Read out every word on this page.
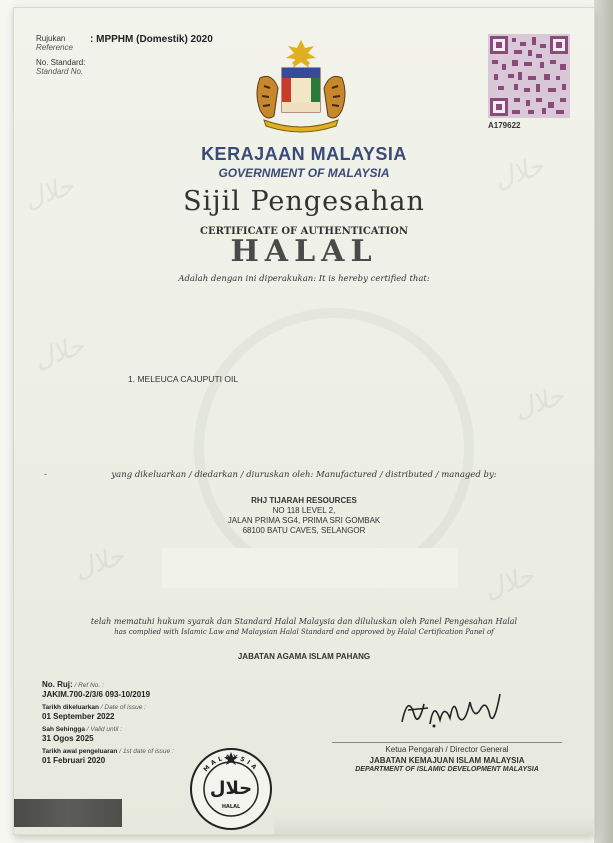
حلال	حلال
حلال
حلال
حلال	حلال
Rujukan
Reference
No. Standard:
Standard No.
: MPPHM (Domestik) 2020
A179622
KERAJAAN MALAYSIA
GOVERNMENT OF MALAYSIA
Sijil Pengesahan
CERTIFICATE OF AUTHENTICATION
HALAL
Adalah dengan ini diperakukan: It is hereby certified that:
1. MELEUCA CAJUPUTI OIL
-	yang dikeluarkan / diedarkan / diuruskan oleh: Manufactured / distributed / managed by:
RHJ TIJARAH RESOURCES
NO 118 LEVEL 2,
JALAN PRIMA SG4, PRIMA SRI GOMBAK
68100 BATU CAVES, SELANGOR
telah mematuhi hukum syarak dan Standard Halal Malaysia dan diluluskan oleh Panel Pengesahan Halal
has complied with Islamic Law and Malaysian Halal Standard and approved by Halal Certification Panel of
JABATAN AGAMA ISLAM PAHANG
No. Ruj: / Ref No. :
JAKIM.700-2/3/6 093-10/2019
Tarikh dikeluarkan / Date of issue :
01 September 2022
Sah Sehingga / Valid until :
31 Ogos 2025
Tarikh awal pengeluaran / 1st date of issue :
01 Februari 2020
Ketua Pengarah / Director General
JABATAN KEMAJUAN ISLAM MALAYSIA
DEPARTMENT OF ISLAMIC DEVELOPMENT MALAYSIA
حلال
HALAL
MALAYSIA
